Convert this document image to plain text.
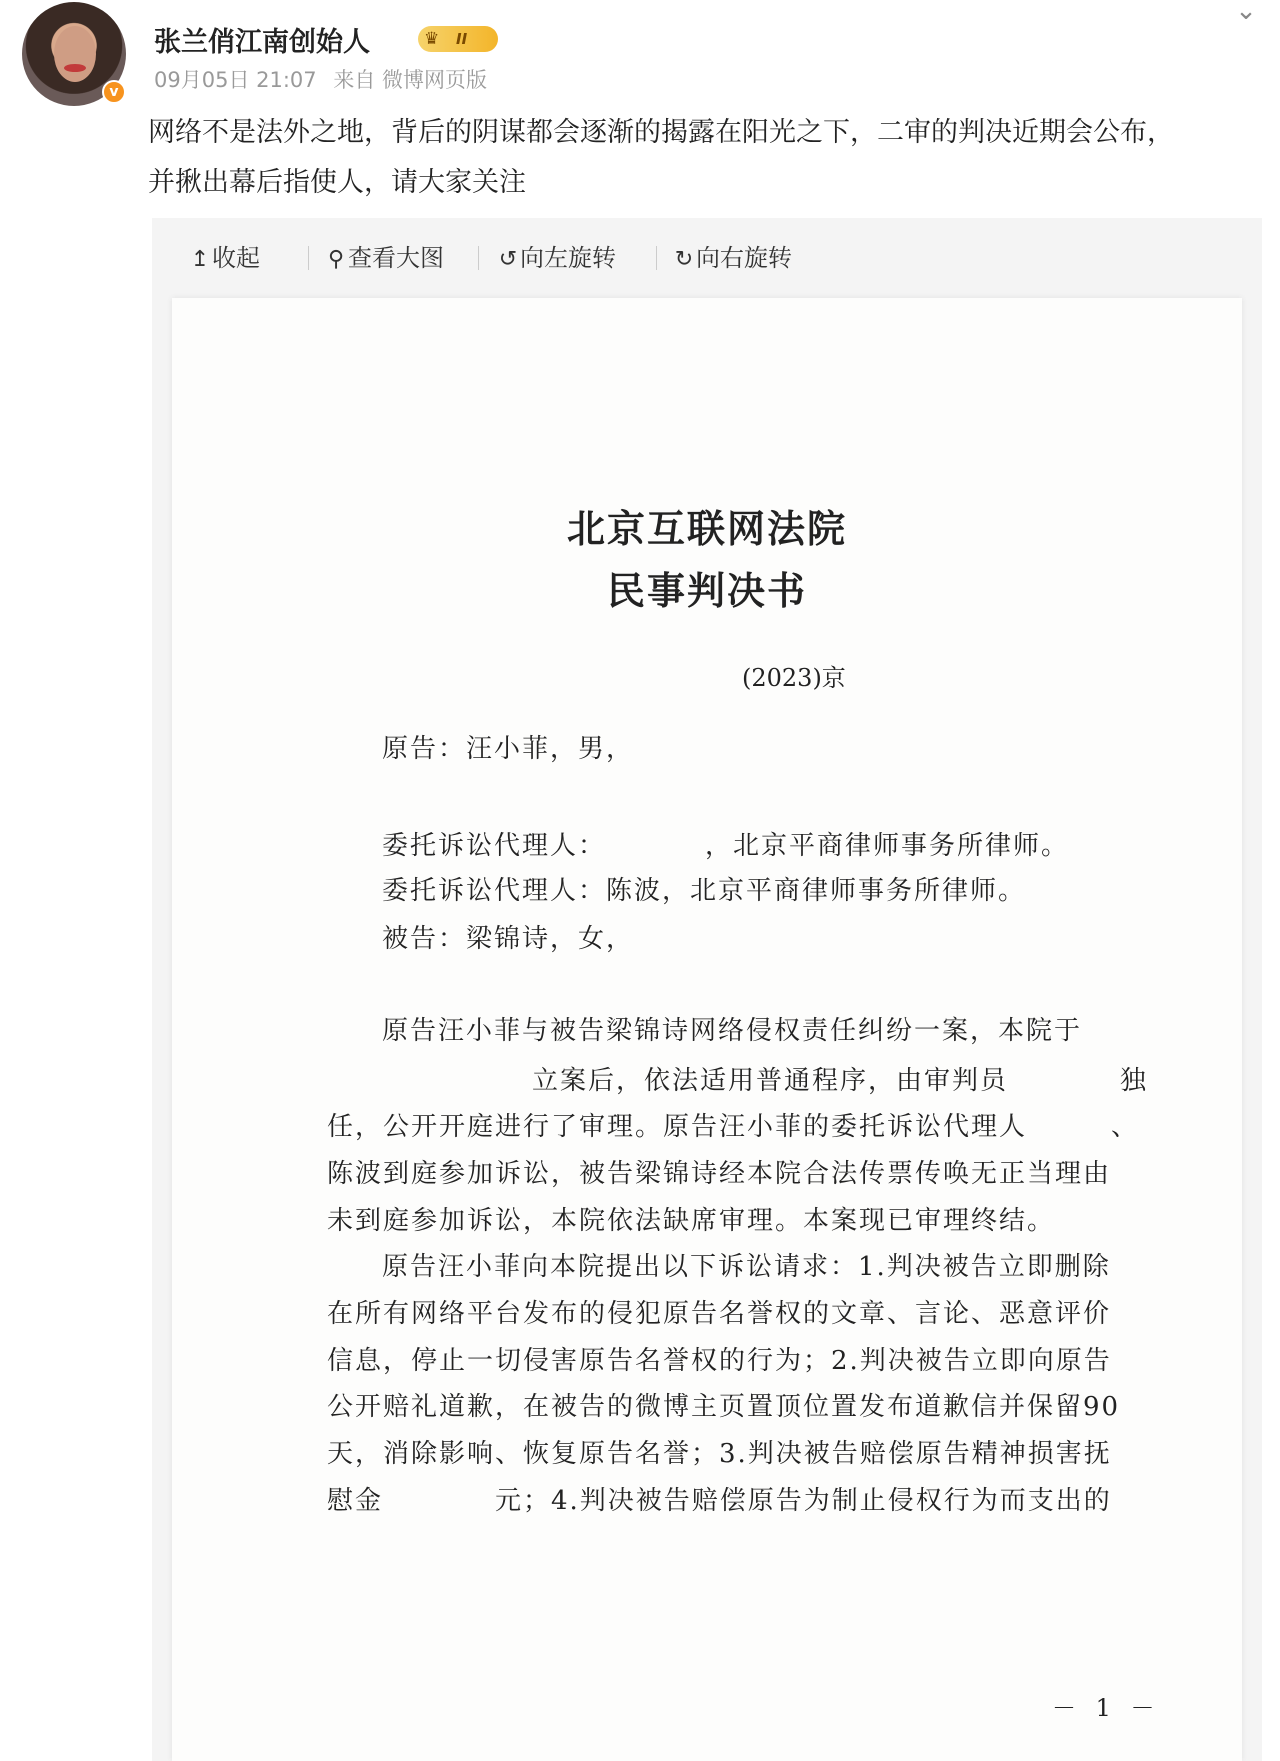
⌄
v
张兰俏江南创始人	♛	II
09月05日 21:07 来自 微博网页版
网络不是法外之地，背后的阴谋都会逐渐的揭露在阳光之下，二审的判决近期会公布，
并揪出幕后指使人，请大家关注
↥ 收起	⚲ 查看大图 ↺ 向左旋转	↻ 向右旋转
北京互联网法院
民事判决书
(2023)京
原告：汪小菲，男，
委托诉讼代理人：　　　　，北京平商律师事务所律师。
委托诉讼代理人：陈波，北京平商律师事务所律师。
被告：梁锦诗，女，
原告汪小菲与被告梁锦诗网络侵权责任纠纷一案，本院于
立案后，依法适用普通程序，由审判员　　　　独
任，公开开庭进行了审理。原告汪小菲的委托诉讼代理人　　　、
陈波到庭参加诉讼，被告梁锦诗经本院合法传票传唤无正当理由
未到庭参加诉讼，本院依法缺席审理。本案现已审理终结。
原告汪小菲向本院提出以下诉讼请求：1.判决被告立即删除
在所有网络平台发布的侵犯原告名誉权的文章、言论、恶意评价
信息，停止一切侵害原告名誉权的行为；2.判决被告立即向原告
公开赔礼道歉，在被告的微博主页置顶位置发布道歉信并保留90
天，消除影响、恢复原告名誉；3.判决被告赔偿原告精神损害抚
慰金　　　　元；4.判决被告赔偿原告为制止侵权行为而支出的
－ 1 －
